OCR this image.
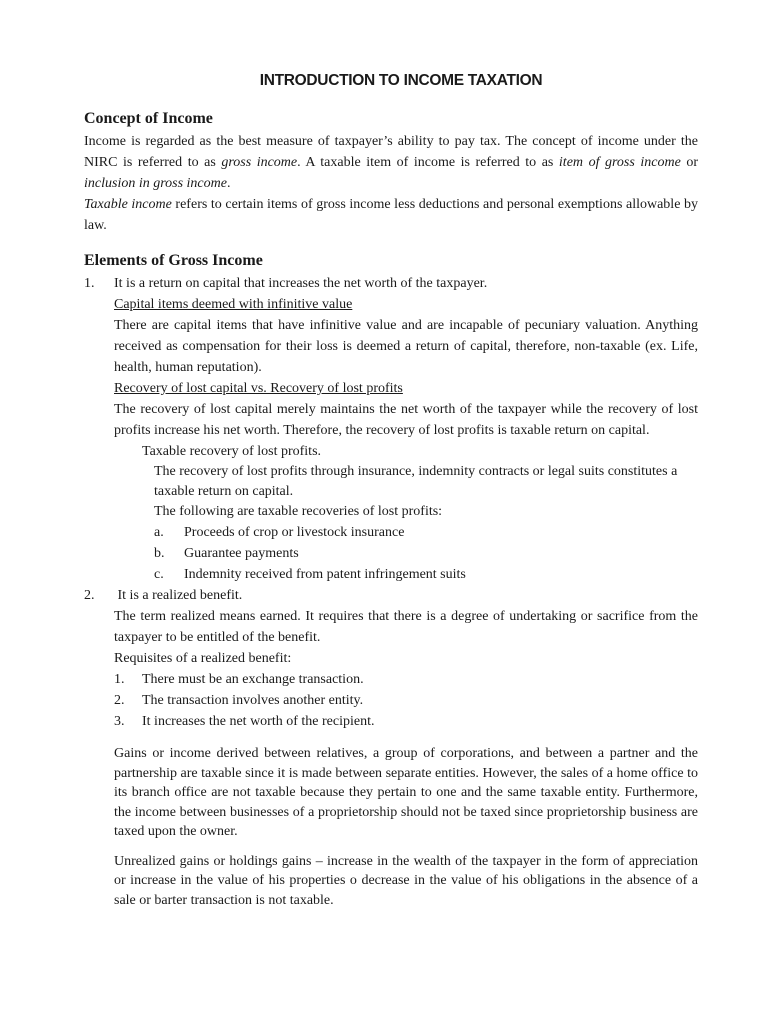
INTRODUCTION TO INCOME TAXATION
Concept of Income

Income is regarded as the best measure of taxpayer’s ability to pay tax. The concept of income under the NIRC is referred to as gross income. A taxable item of income is referred to as item of gross income or inclusion in gross income.

Taxable income refers to certain items of gross income less deductions and personal exemptions allowable by law.

Elements of Gross Income
1.	It is a return on capital that increases the net worth of the taxpayer.
Capital items deemed with infinitive value

There are capital items that have infinitive value and are incapable of pecuniary valuation. Anything received as compensation for their loss is deemed a return of capital, therefore, non-taxable (ex. Life, health, human reputation).

Recovery of lost capital vs. Recovery of lost profits

The recovery of lost capital merely maintains the net worth of the taxpayer while the recovery of lost profits increase his net worth. Therefore, the recovery of lost profits is taxable return on capital.

Taxable recovery of lost profits.

The recovery of lost profits through insurance, indemnity contracts or legal suits constitutes a taxable return on capital.

The following are taxable recoveries of lost profits:

a.	Proceeds of crop or livestock insurance
b.	Guarantee payments
c.	Indemnity received from patent infringement suits
2.	It is a realized benefit.

The term realized means earned. It requires that there is a degree of undertaking or sacrifice from the taxpayer to be entitled of the benefit.

Requisites of a realized benefit:
1.	There must be an exchange transaction.
2.	The transaction involves another entity.
3.	It increases the net worth of the recipient.

Gains or income derived between relatives, a group of corporations, and between a partner and the partnership are taxable since it is made between separate entities. However, the sales of a home office to its branch office are not taxable because they pertain to one and the same taxable entity. Furthermore, the income between businesses of a proprietorship should not be taxed since proprietorship business are taxed upon the owner.

Unrealized gains or holdings gains – increase in the wealth of the taxpayer in the form of appreciation or increase in the value of his properties o decrease in the value of his obligations in the absence of a sale or barter transaction is not taxable.
